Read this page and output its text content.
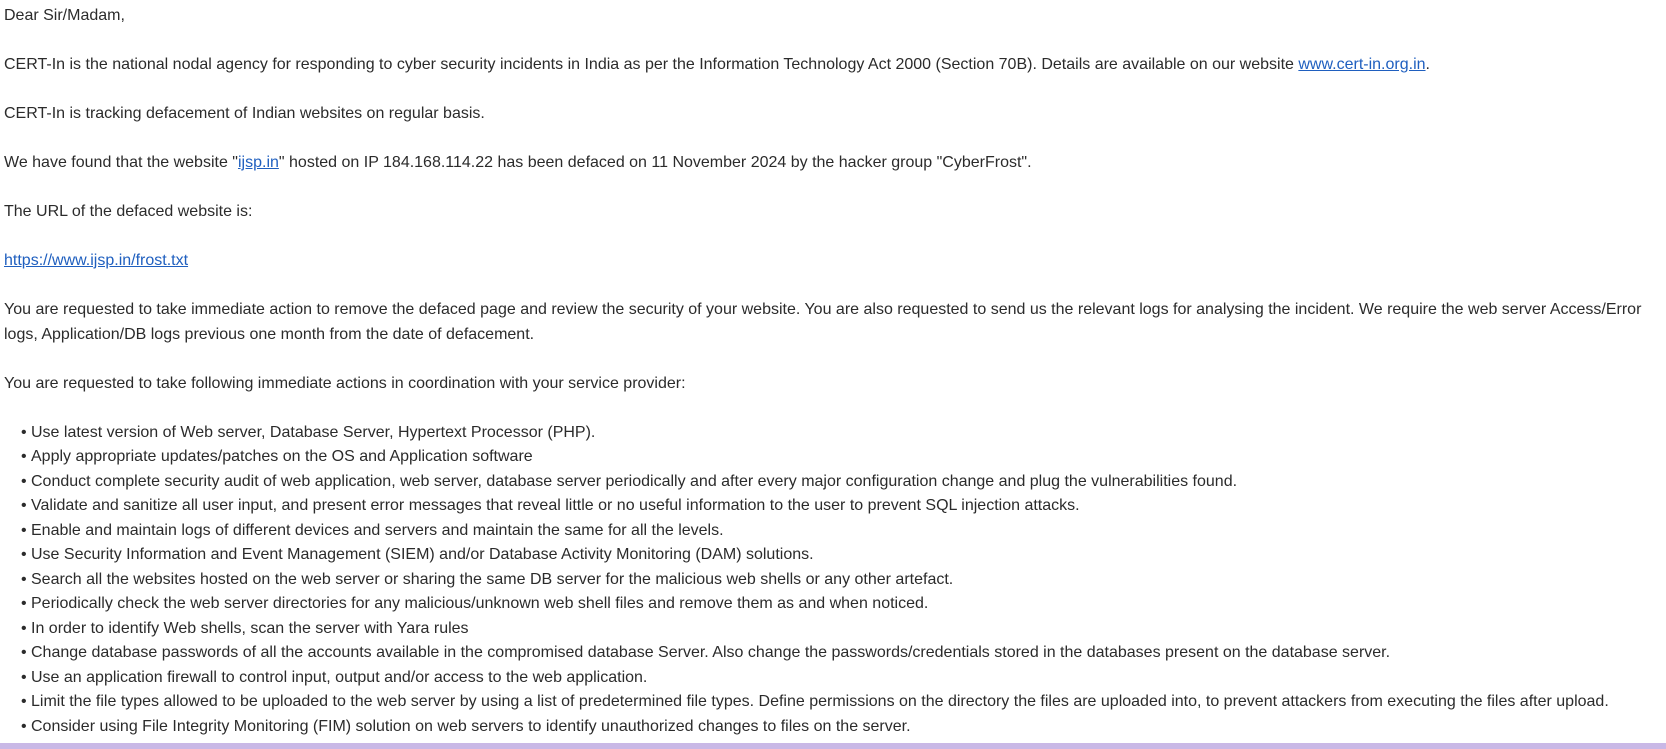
Dear Sir/Madam,
CERT-In is the national nodal agency for responding to cyber security incidents in India as per the Information Technology Act 2000 (Section 70B). Details are available on our website www.cert-in.org.in.
CERT-In is tracking defacement of Indian websites on regular basis.
We have found that the website "ijsp.in" hosted on IP 184.168.114.22 has been defaced on 11 November 2024 by the hacker group "CyberFrost".
The URL of the defaced website is:
https://www.ijsp.in/frost.txt
You are requested to take immediate action to remove the defaced page and review the security of your website. You are also requested to send us the relevant logs for analysing the incident. We require the web server Access/Error
logs, Application/DB logs previous one month from the date of defacement.
You are requested to take following immediate actions in coordination with your service provider:
• Use latest version of Web server, Database Server, Hypertext Processor (PHP).
• Apply appropriate updates/patches on the OS and Application software
• Conduct complete security audit of web application, web server, database server periodically and after every major configuration change and plug the vulnerabilities found.
• Validate and sanitize all user input, and present error messages that reveal little or no useful information to the user to prevent SQL injection attacks.
• Enable and maintain logs of different devices and servers and maintain the same for all the levels.
• Use Security Information and Event Management (SIEM) and/or Database Activity Monitoring (DAM) solutions.
• Search all the websites hosted on the web server or sharing the same DB server for the malicious web shells or any other artefact.
• Periodically check the web server directories for any malicious/unknown web shell files and remove them as and when noticed.
• In order to identify Web shells, scan the server with Yara rules
• Change database passwords of all the accounts available in the compromised database Server. Also change the passwords/credentials stored in the databases present on the database server.
• Use an application firewall to control input, output and/or access to the web application.
• Limit the file types allowed to be uploaded to the web server by using a list of predetermined file types. Define permissions on the directory the files are uploaded into, to prevent attackers from executing the files after upload.
• Consider using File Integrity Monitoring (FIM) solution on web servers to identify unauthorized changes to files on the server.
